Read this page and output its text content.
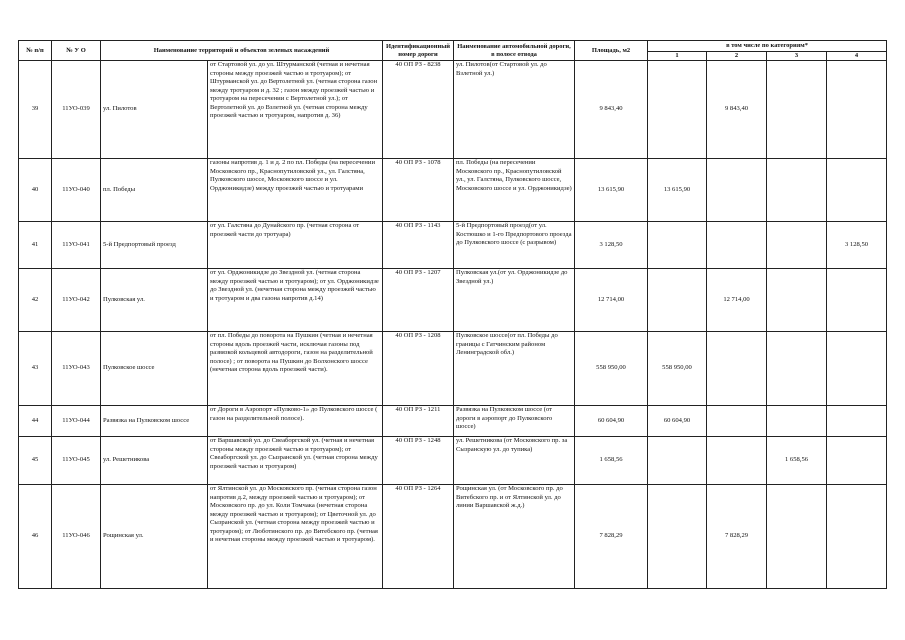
№ п/п	№ У О	Наименование территорий и объектов зеленых насаждений		Идентификационный номер дороги	Наименование автомобильной дороги, в полосе отвода	Площадь, м2	в том числе по категориям*			
							1	2	3	4
39	11УО-039	ул. Пилотов	от Стартовой ул. до ул. Штурманской (четная и нечетная стороны между проезжей частью и тротуаром); от Штурманской ул. до Вертолетной ул. (четная сторона газон между тротуаром и д. 32 ; газон между проезжей частью и тротуаром на пересечении с Вертолетной ул.); от Вертолетной ул. до Взлетной ул. (четная сторона между проезжей частью и тротуаром, напротив д. 36)	40 ОП РЗ - 8238	ул. Пилотов(от Стартовой ул. до Взлетной ул.)	9 843,40		9 843,40		
40	11УО-040	пл. Победы	газоны напротив д. 1 и д. 2 по пл. Победы (на пересечении Московского пр., Краснопутиловской ул., ул. Галстяна, Пулковского шоссе, Московского шоссе и ул. Орджоникидзе) между проезжей частью и тротуарами	40 ОП РЗ - 1078	пл. Победы (на пересечении Московского пр., Краснопутиловской ул., ул. Галстяна, Пулковского шоссе, Московского шоссе и ул. Орджоникидзе)	13 615,90	13 615,90			
41	11УО-041	5-й Предпортовый проезд	от ул. Галстяна до Дунайского пр. (четная сторона от проезжей части до тротуара)	40 ОП РЗ - 1143	5-й Предпортовый проезд(от ул. Костюшко и 1-го Предпортового проезда до Пулковского шоссе (с разрывом)	3 128,50				3 128,50
42	11УО-042	Пулковская ул.	от ул. Орджоникидзе до Звездной ул. (четная сторона между проезжей частью и тротуаром); от ул. Орджоникидзе до Звездной ул. (нечетная сторона между проезжей частью и тротуаром и два газона напротив д.14)	40 ОП РЗ - 1207	Пулковская ул.(от ул. Орджоникидзе до Звездной ул.)	12 714,00		12 714,00		
43	11УО-043	Пулковское шоссе	от пл. Победы до поворота на Пушкин (четная и нечетная стороны вдоль проезжей части, исключая газоны под развязкой кольцевой автодороги, газон на разделительной полосе) ; от поворота на Пушкин до Волхонского шоссе (нечетная сторона вдоль проезжей части).	40 ОП РЗ - 1208	Пулковское шоссе(от пл. Победы до границы с Гатчинским районом Ленинградской обл.)	558 950,00	558 950,00			
44	11УО-044	Развязка на Пулковском шоссе	от Дороги в Аэропорт «Пулково-1» до Пулковского шоссе ( газон на разделительной полосе).	40 ОП РЗ - 1211	Развязка на Пулковском шоссе (от дороги в аэропорт до Пулковского шоссе)	60 604,90	60 604,90			
45	11УО-045	ул. Решетникова	от Варшавской ул. до Свеаборгской ул. (четная и нечетная стороны между проезжей частью и тротуаром); от Свеаборгской ул. до Сызранской ул. (четная сторона между проезжей частью и тротуаром)	40 ОП РЗ - 1248	ул. Решетникова (от Московского пр. за Сызранскую ул. до тупика)	1 658,56			1 658,56	
46	11УО-046	Рощинская ул.	от Ялтинской ул. до Московского пр. (четная сторона газон напротив д.2, между проезжей частью и тротуаром); от Московского пр. до ул. Коли Томчака (нечетная сторона между проезжей частью и тротуаром); от Цветочной ул. до Сызранской ул. (четная сторона между проезжей частью и тротуаром); от Люботинского пр. до Витебского пр. (четная и нечетная стороны между проезжей частью и тротуаром).	40 ОП РЗ - 1264	Рощинская ул. (от Московского пр. до Витебского пр. и от Ялтинской ул. до линии Варшавской ж.д.)	7 828,29		7 828,29		
